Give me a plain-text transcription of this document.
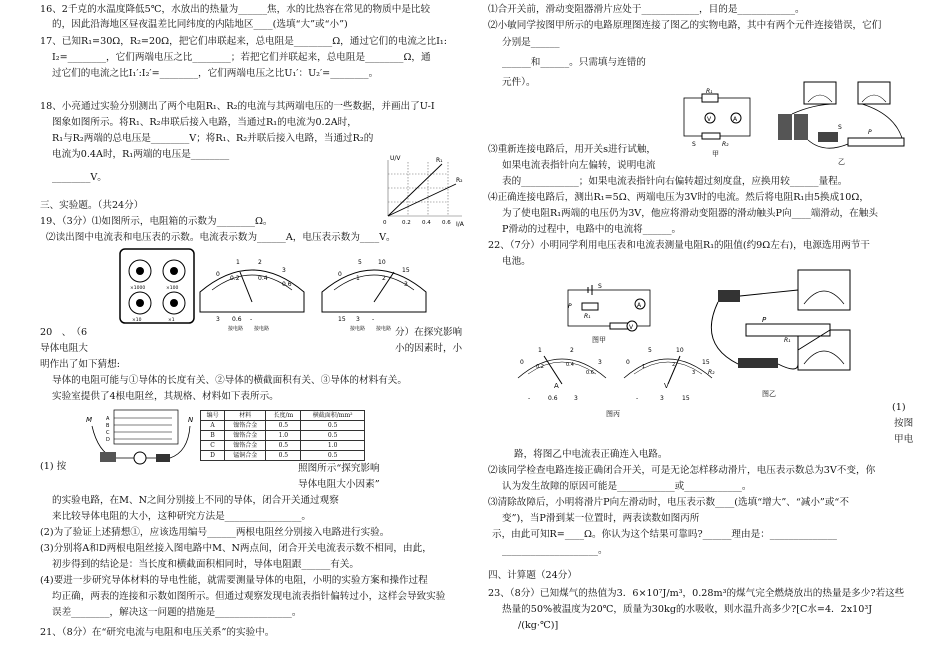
16、2千克的水温度降低5℃，水放出的热量为______焦，水的比热容在常见的物质中是比较
的，因此沿海地区昼夜温差比同纬度的内陆地区____(选填“大”或“小”)
17、已知R₁=30Ω，R₂=20Ω，把它们串联起来，总电阻是________Ω，通过它们的电流之比I₁:
I₂=________，它们两端电压之比________；若把它们并联起来，总电阻是________Ω，通
过它们的电流之比I₁′:I₂′=________，它们两端电压之比U₁′：U₂′=________。
18、小亮通过实验分别测出了两个电阻R₁、R₂的电流与其两端电压的一些数据，并画出了U-I
图象如图所示。将R₁、R₂串联后接入电路，当通过R₁的电流为0.2A时，
R₁与R₂两端的总电压是________V；将R₁、R₂并联后接入电路，当通过R₂的
电流为0.4A时，R₁两端的电压是________
________V。
三、实验题。（共24分）
19、（3分）⑴如图所示，电阻箱的示数为________Ω。
⑵读出图中电流表和电压表的示数。电流表示数为______A，电压表示数为____V。
U/V
I/A
R₁
R₂
0	0.2 0.4 0.6
×1000	×100
×10	×1
0
0.2	0.4
0.6
1	2
3
3 0.6 -
接电路 接电路
0
1	2
3
5	10
15
15 3 -
接电路 接电路
20　、　（6	分）在探究影响
导体电阻大	小的因素时，小
明作出了如下猜想:
导体的电阻可能与①导体的长度有关、②导体的横截面积有关、③导体的材料有关。
实验室提供了4根电阻丝，其规格、材料如下表所示。
A
B
C
D
M	N
编号	材料	长度/m	横截面积/mm²
A	镍铬合金	0.5	0.5
B	镍铬合金	1.0	0.5
C	镍铬合金	0.5	1.0
D	锰铜合金	0.5	0.5
(1) 按	照图所示“探究影响
导体电阻大小因素”
的实验电路，在M、N之间分别接上不同的导体，闭合开关通过观察
来比较导体电阻的大小，这种研究方法是________________。
(2)为了验证上述猜想①，应该选用编号______两根电阻丝分别接入电路进行实验。
(3)分别将A和D两根电阻丝接入图电路中M、N两点间，闭合开关电流表示数不相同，由此，
初步得到的结论是：当长度和横截面积相同时，导体电阻跟______有关。
(4)要进一步研究导体材料的导电性能，就需要测量导体的电阻，小明的实验方案和操作过程
均正确，两表的连接和示数如图所示。但通过观察发现电流表指针偏转过小，这样会导致实验
误差________，解决这一问题的措施是________________。
21、（8分）在“研究电流与电阻和电压关系”的实验中。
⑴合开关前，滑动变阻器滑片应处于____________，目的是____________。
⑵小敏同学按图甲所示的电路原理图连接了图乙的实物电路，其中有两个元件连接错误，它们
分别是______
______和______。只需填与连错的
元件）。
R₁
V	A
S	R₂
甲
S
P
乙
⑶重新连接电路后，用开关s进行试触，
如果电流表指针向左偏转，说明电流
表的____________；如果电流表指针向右偏转超过刻度盘，应换用较______量程。
⑷正确连接电路后，测出R₁=5Ω、两端电压为3V时的电流。然后将电阻R₁由5换成10Ω，
为了使电阻R₁两端的电压仍为3V，他应将滑动变阻器的滑动触头P向____端滑动，在触头
P滑动的过程中，电路中的电流将______。
22、（7分）小明同学利用电压表和电流表测量电阻R₁的阻值(约9Ω左右)，电源选用两节干
电池。
S
P
R₁
A
V
图甲
P
R₁
R₂
图乙
0
1	2
3
0.2	0.4
0.6
A
-	0.6	3
0
5	10
15
1	2
3
V
-	3	15
图丙
(1)
按图
甲电
路，将图乙中电流表正确连入电路。
⑵该同学检查电路连接正确闭合开关，可是无论怎样移动滑片，电压表示数总为3V不变，你
认为发生故障的原因可能是____________或____________。
⑶清除故障后，小明将滑片P向左滑动时，电压表示数____(选填“增大”、“减小”或“不
变”)，当P滑到某一位置时，两表读数如图丙所
示，由此可知R=____Ω。你认为这个结果可靠吗?______理由是：______________
____________________。
四、计算题（24分）
23、（8分）已知煤气的热值为3．6×10⁷J/m³，0.28m³的煤气完全燃烧放出的热量是多少?若这些
热量的50%被温度为20℃，质量为30kg的水吸收，则水温升高多少?[C水=4．2x10³J
/(kg·℃)]
